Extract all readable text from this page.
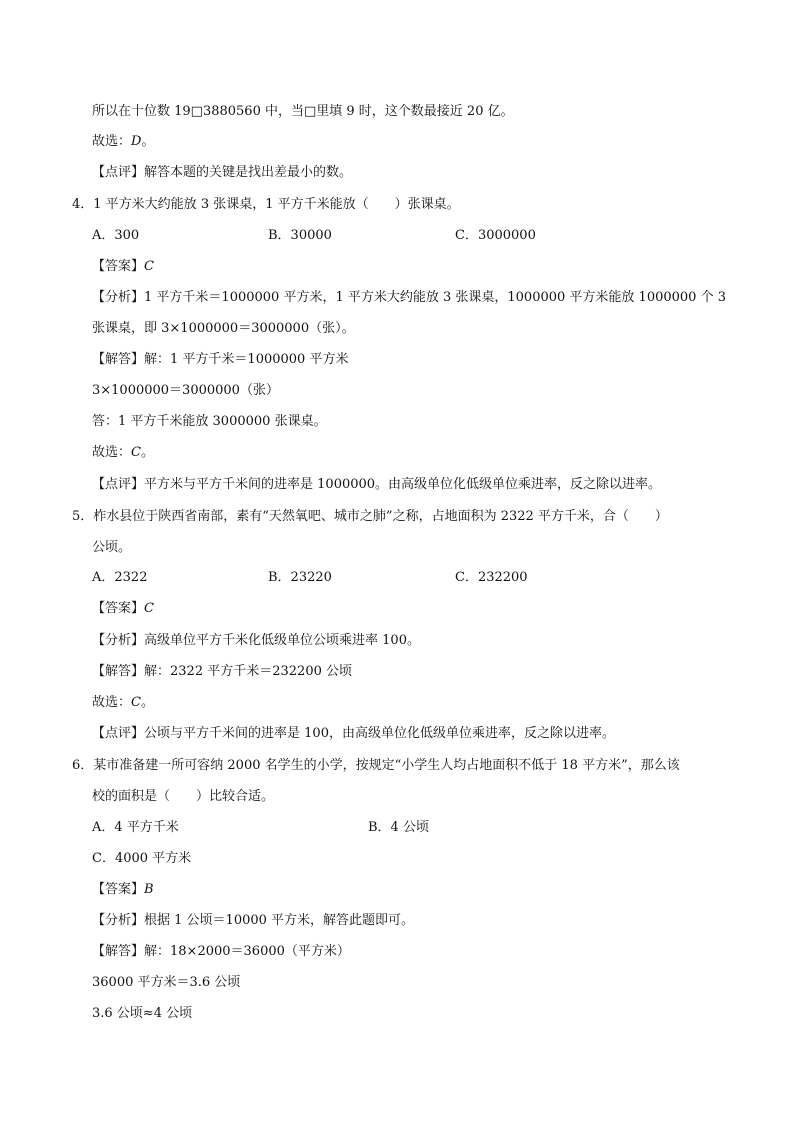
所以在十位数 19□3880560 中，当□里填 9 时，这个数最接近 20 亿。
故选：D。
【点评】解答本题的关键是找出差最小的数。
4．1 平方米大约能放 3 张课桌，1 平方千米能放（　　）张课桌。
A．300	B．30000	C．3000000
【答案】C
【分析】1 平方千米＝1000000 平方米，1 平方米大约能放 3 张课桌，1000000 平方米能放 1000000 个 3
张课桌，即 3×1000000＝3000000（张）。
【解答】解：1 平方千米＝1000000 平方米
3×1000000＝3000000（张）
答：1 平方千米能放 3000000 张课桌。
故选：C。
【点评】平方米与平方千米间的进率是 1000000。由高级单位化低级单位乘进率，反之除以进率。
5．柞水县位于陕西省南部，素有“天然氧吧、城市之肺”之称，占地面积为 2322 平方千米，合（　　）
公顷。
A．2322	B．23220	C．232200
【答案】C
【分析】高级单位平方千米化低级单位公顷乘进率 100。
【解答】解：2322 平方千米＝232200 公顷
故选：C。
【点评】公顷与平方千米间的进率是 100，由高级单位化低级单位乘进率，反之除以进率。
6．某市准备建一所可容纳 2000 名学生的小学，按规定“小学生人均占地面积不低于 18 平方米”，那么该
校的面积是（　　）比较合适。
A．4 平方千米	B．4 公顷
C．4000 平方米
【答案】B
【分析】根据 1 公顷＝10000 平方米，解答此题即可。
【解答】解：18×2000＝36000（平方米）
36000 平方米＝3.6 公顷
3.6 公顷≈4 公顷
